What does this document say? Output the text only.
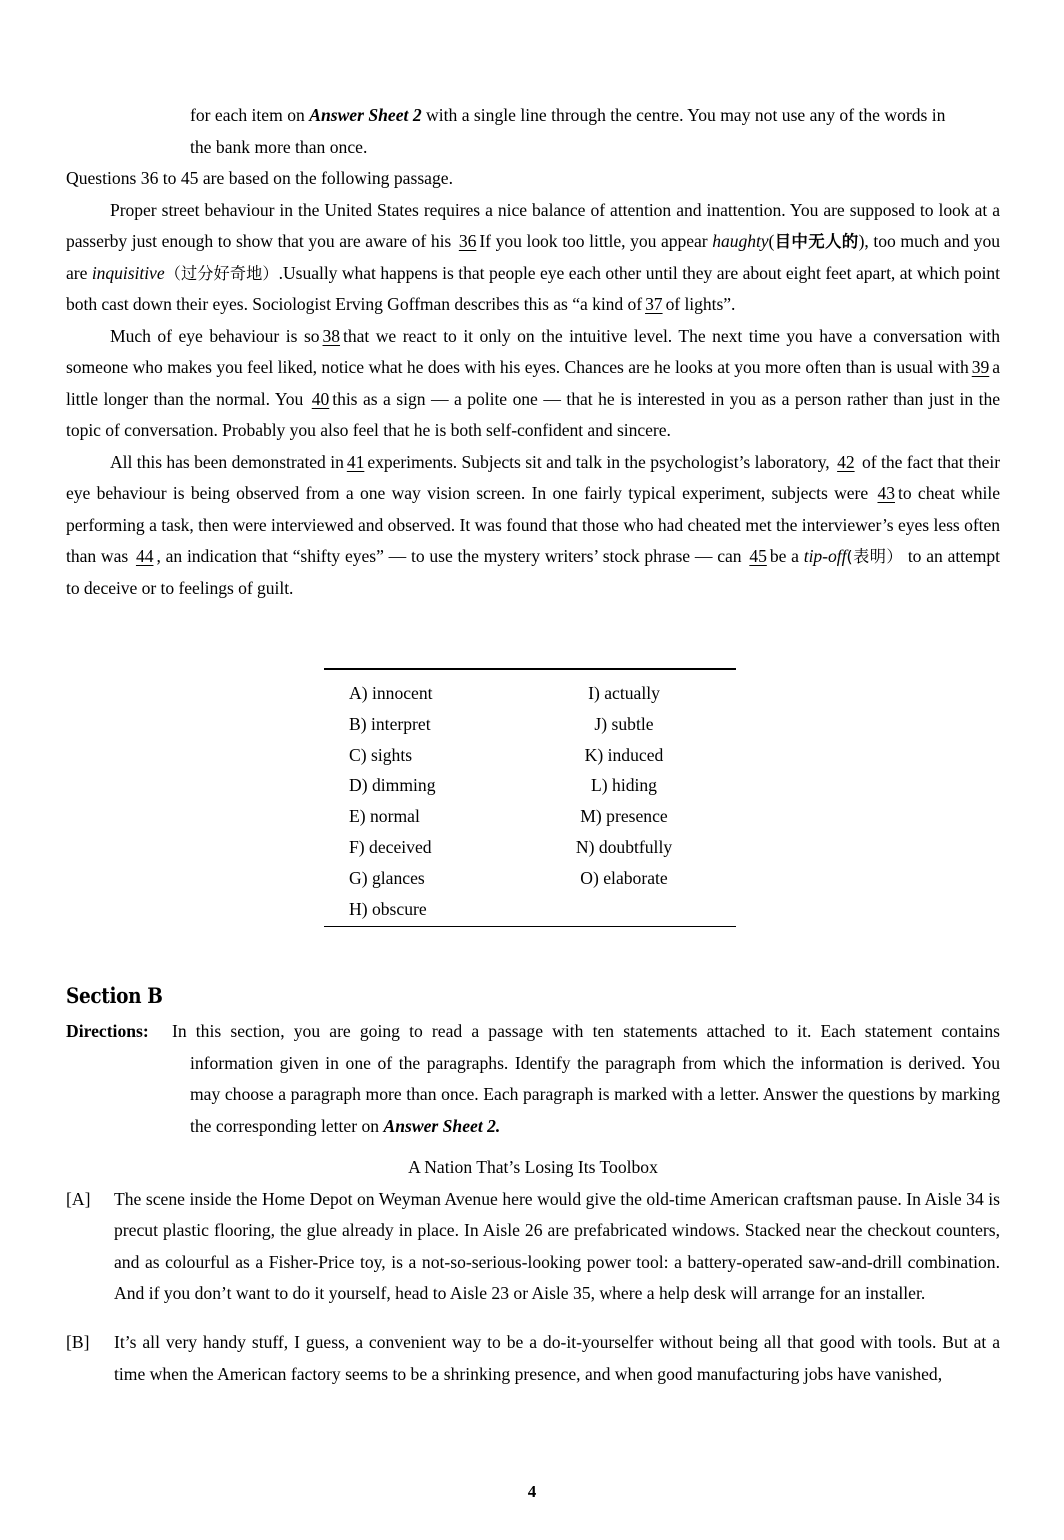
for each item on Answer Sheet 2 with a single line through the centre. You may not use any of the words in
the bank more than once.
Questions 36 to 45 are based on the following passage.

Proper street behaviour in the United States requires a nice balance of attention and inattention. You are supposed to look at a passerby just enough to show that you are aware of his 36 If you look too little, you appear haughty(目中无人的), too much and you are inquisitive（过分好奇地）.Usually what happens is that people eye each other until they are about eight feet apart, at which point both cast down their eyes. Sociologist Erving Goffman describes this as “a kind of 37 of lights”.

Much of eye behaviour is so 38 that we react to it only on the intuitive level. The next time you have a conversation with someone who makes you feel liked, notice what he does with his eyes. Chances are he looks at you more often than is usual with 39 a little longer than the normal. You 40 this as a sign — a polite one — that he is interested in you as a person rather than just in the topic of conversation. Probably you also feel that he is both self-confident and sincere.

All this has been demonstrated in 41 experiments. Subjects sit and talk in the psychologist’s laboratory, 42 of the fact that their eye behaviour is being observed from a one way vision screen. In one fairly typical experiment, subjects were 43 to cheat while performing a task, then were interviewed and observed. It was found that those who had cheated met the interviewer’s eyes less often than was 44 , an indication that “shifty eyes” — to use the mystery writers’ stock phrase — can 45 be a tip-off(表明） to an attempt to deceive or to feelings of guilt.

A) innocent	I) actually
B) interpret	J) subtle
C) sights	K) induced
D) dimming	L) hiding
E) normal	M) presence
F) deceived	N) doubtfully
G) glances	O) elaborate
H) obscure
Section B
Directions: In this section, you are going to read a passage with ten statements attached to it. Each statement contains information given in one of the paragraphs. Identify the paragraph from which the information is derived. You may choose a paragraph more than once. Each paragraph is marked with a letter. Answer the questions by marking the corresponding letter on Answer Sheet 2.
A Nation That’s Losing Its Toolbox

[A] The scene inside the Home Depot on Weyman Avenue here would give the old-time American craftsman pause. In Aisle 34 is precut plastic flooring, the glue already in place. In Aisle 26 are prefabricated windows. Stacked near the checkout counters, and as colourful as a Fisher-Price toy, is a not-so-serious-looking power tool: a battery-operated saw-and-drill combination. And if you don’t want to do it yourself, head to Aisle 23 or Aisle 35, where a help desk will arrange for an installer.

[B] It’s all very handy stuff, I guess, a convenient way to be a do-it-yourselfer without being all that good with tools. But at a time when the American factory seems to be a shrinking presence, and when good manufacturing jobs have vanished,

4
